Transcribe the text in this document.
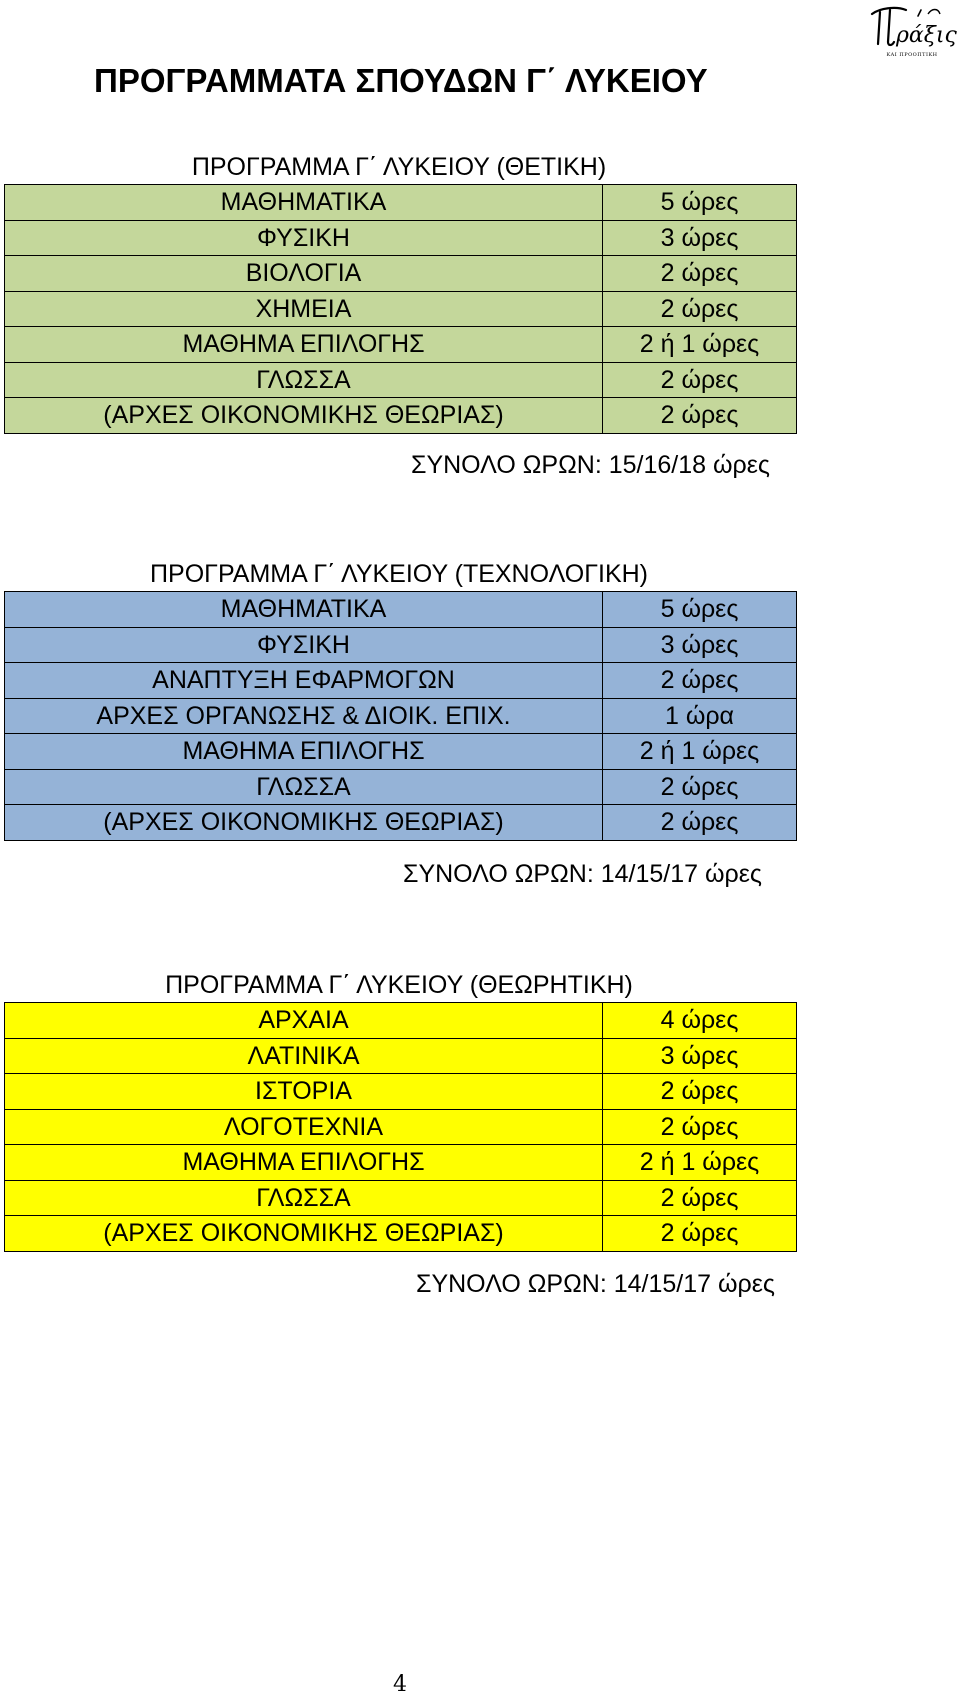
ράξις
ΚΑΙ ΠΡΟΟΠΤΙΚΗ
ΠΡΟΓΡΑΜΜΑΤΑ ΣΠΟΥΔΩΝ Γ΄ ΛΥΚΕΙΟΥ
ΠΡΟΓΡΑΜΜΑ Γ΄ ΛΥΚΕΙΟΥ (ΘΕΤΙΚΗ)
ΜΑΘΗΜΑΤΙΚΑ	5 ώρες
ΦΥΣΙΚΗ	3 ώρες
ΒΙΟΛΟΓΙΑ	2 ώρες
ΧΗΜΕΙΑ	2 ώρες
ΜΑΘΗΜΑ ΕΠΙΛΟΓΗΣ	2 ή 1 ώρες
ΓΛΩΣΣΑ	2 ώρες
(ΑΡΧΕΣ ΟΙΚΟΝΟΜΙΚΗΣ ΘΕΩΡΙΑΣ)	2 ώρες
ΣΥΝΟΛΟ ΩΡΩΝ: 15/16/18 ώρες
ΠΡΟΓΡΑΜΜΑ Γ΄ ΛΥΚΕΙΟΥ (ΤΕΧΝΟΛΟΓΙΚΗ)
ΜΑΘΗΜΑΤΙΚΑ	5 ώρες
ΦΥΣΙΚΗ	3 ώρες
ΑΝΑΠΤΥΞΗ ΕΦΑΡΜΟΓΩΝ	2 ώρες
ΑΡΧΕΣ ΟΡΓΑΝΩΣΗΣ & ΔΙΟΙΚ. ΕΠΙΧ.	1 ώρα
ΜΑΘΗΜΑ ΕΠΙΛΟΓΗΣ	2 ή 1 ώρες
ΓΛΩΣΣΑ	2 ώρες
(ΑΡΧΕΣ ΟΙΚΟΝΟΜΙΚΗΣ ΘΕΩΡΙΑΣ)	2 ώρες
ΣΥΝΟΛΟ ΩΡΩΝ: 14/15/17 ώρες
ΠΡΟΓΡΑΜΜΑ Γ΄ ΛΥΚΕΙΟΥ (ΘΕΩΡΗΤΙΚΗ)
ΑΡΧΑΙΑ	4 ώρες
ΛΑΤΙΝΙΚΑ	3 ώρες
ΙΣΤΟΡΙΑ	2 ώρες
ΛΟΓΟΤΕΧΝΙΑ	2 ώρες
ΜΑΘΗΜΑ ΕΠΙΛΟΓΗΣ	2 ή 1 ώρες
ΓΛΩΣΣΑ	2 ώρες
(ΑΡΧΕΣ ΟΙΚΟΝΟΜΙΚΗΣ ΘΕΩΡΙΑΣ)	2 ώρες
ΣΥΝΟΛΟ ΩΡΩΝ: 14/15/17 ώρες
4
